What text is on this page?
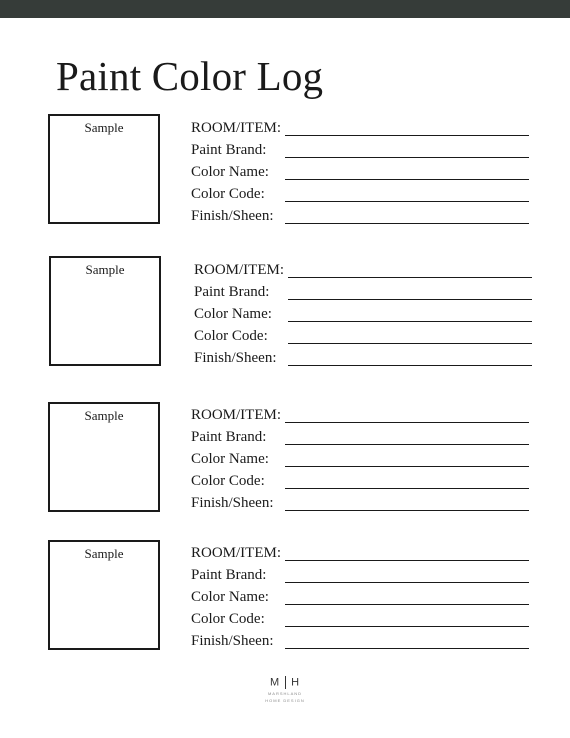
Paint Color Log
Sample	ROOM/ITEM:
Paint Brand:
Color Name:
Color Code:
Finish/Sheen:
Sample	ROOM/ITEM:
Paint Brand:
Color Name:
Color Code:
Finish/Sheen:
Sample	ROOM/ITEM:
Paint Brand:
Color Name:
Color Code:
Finish/Sheen:
Sample	ROOM/ITEM:
Paint Brand:
Color Name:
Color Code:
Finish/Sheen:
M H
MARSHLAND
HOME DESIGN
